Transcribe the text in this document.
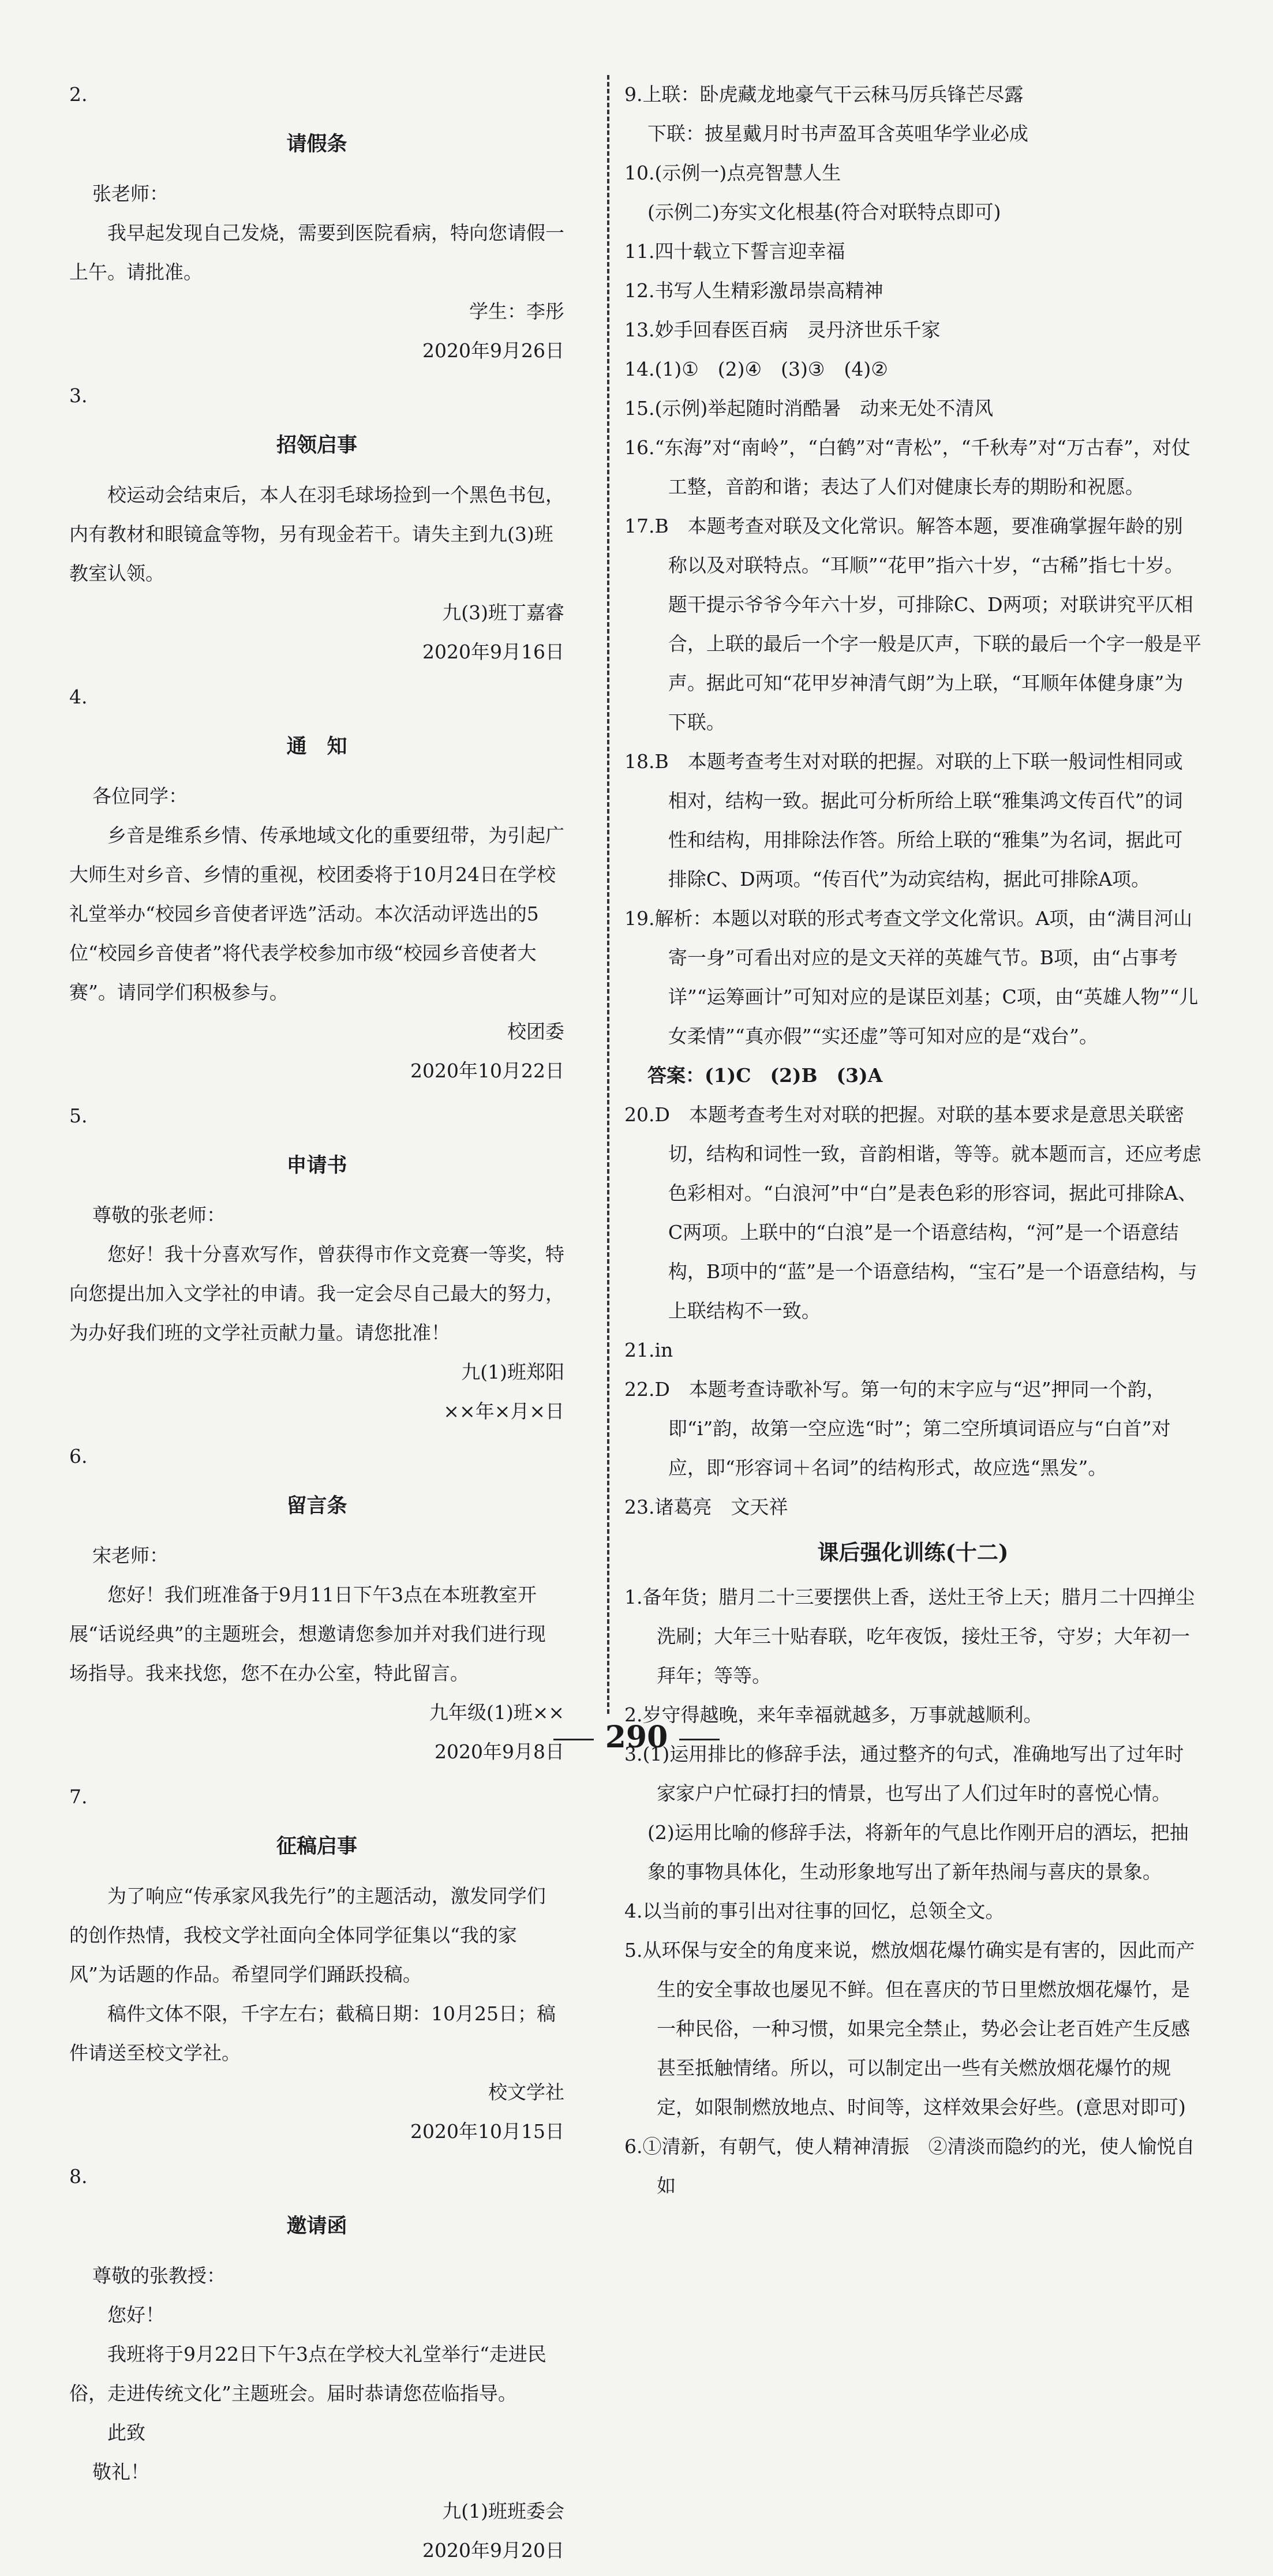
2.
请假条
张老师：
我早起发现自己发烧，需要到医院看病，特向您请假一上午。请批准。
学生：李彤
2020年9月26日
3.
招领启事
校运动会结束后，本人在羽毛球场捡到一个黑色书包，内有教材和眼镜盒等物，另有现金若干。请失主到九(3)班教室认领。
九(3)班丁嘉睿
2020年9月16日
4.
通　知
各位同学：
乡音是维系乡情、传承地域文化的重要纽带，为引起广大师生对乡音、乡情的重视，校团委将于10月24日在学校礼堂举办“校园乡音使者评选”活动。本次活动评选出的5位“校园乡音使者”将代表学校参加市级“校园乡音使者大赛”。请同学们积极参与。
校团委
2020年10月22日
5.
申请书
尊敬的张老师：
您好！我十分喜欢写作，曾获得市作文竞赛一等奖，特向您提出加入文学社的申请。我一定会尽自己最大的努力，为办好我们班的文学社贡献力量。请您批准！
九(1)班郑阳
××年×月×日
6.
留言条
宋老师：
您好！我们班准备于9月11日下午3点在本班教室开展“话说经典”的主题班会，想邀请您参加并对我们进行现场指导。我来找您，您不在办公室，特此留言。
九年级(1)班××
2020年9月8日
7.
征稿启事
为了响应“传承家风我先行”的主题活动，激发同学们的创作热情，我校文学社面向全体同学征集以“我的家风”为话题的作品。希望同学们踊跃投稿。
稿件文体不限，千字左右；截稿日期：10月25日；稿件请送至校文学社。
校文学社
2020年10月15日
8.
邀请函
尊敬的张教授：
您好！
我班将于9月22日下午3点在学校大礼堂举行“走进民俗，走进传统文化”主题班会。届时恭请您莅临指导。
此致
敬礼！
九(1)班班委会
2020年9月20日
9.上联：卧虎藏龙地豪气干云秣马厉兵锋芒尽露
下联：披星戴月时书声盈耳含英咀华学业必成
10.(示例一)点亮智慧人生
(示例二)夯实文化根基(符合对联特点即可)
11.四十载立下誓言迎幸福
12.书写人生精彩激昂崇高精神
13.妙手回春医百病　灵丹济世乐千家
14.(1)①　(2)④　(3)③　(4)②
15.(示例)举起随时消酷暑　动来无处不清风
16.“东海”对“南岭”，“白鹤”对“青松”，“千秋寿”对“万古春”，对仗工整，音韵和谐；表达了人们对健康长寿的期盼和祝愿。
17.B　本题考查对联及文化常识。解答本题，要准确掌握年龄的别称以及对联特点。“耳顺”“花甲”指六十岁，“古稀”指七十岁。题干提示爷爷今年六十岁，可排除C、D两项；对联讲究平仄相合，上联的最后一个字一般是仄声，下联的最后一个字一般是平声。据此可知“花甲岁神清气朗”为上联，“耳顺年体健身康”为下联。
18.B　本题考查考生对对联的把握。对联的上下联一般词性相同或相对，结构一致。据此可分析所给上联“雅集鸿文传百代”的词性和结构，用排除法作答。所给上联的“雅集”为名词，据此可排除C、D两项。“传百代”为动宾结构，据此可排除A项。
19.解析：本题以对联的形式考查文学文化常识。A项，由“满目河山寄一身”可看出对应的是文天祥的英雄气节。B项，由“占事考详”“运筹画计”可知对应的是谋臣刘基；C项，由“英雄人物”“儿女柔情”“真亦假”“实还虚”等可知对应的是“戏台”。
答案：(1)C　(2)B　(3)A
20.D　本题考查考生对对联的把握。对联的基本要求是意思关联密切，结构和词性一致，音韵相谐，等等。就本题而言，还应考虑色彩相对。“白浪河”中“白”是表色彩的形容词，据此可排除A、C两项。上联中的“白浪”是一个语意结构，“河”是一个语意结构，B项中的“蓝”是一个语意结构，“宝石”是一个语意结构，与上联结构不一致。
21.in
22.D　本题考查诗歌补写。第一句的末字应与“迟”押同一个韵，即“i”韵，故第一空应选“时”；第二空所填词语应与“白首”对应，即“形容词＋名词”的结构形式，故应选“黑发”。
23.诸葛亮　文天祥
课后强化训练(十二)
1.备年货；腊月二十三要摆供上香，送灶王爷上天；腊月二十四掸尘洗刷；大年三十贴春联，吃年夜饭，接灶王爷，守岁；大年初一拜年；等等。
2.岁守得越晚，来年幸福就越多，万事就越顺利。
3.(1)运用排比的修辞手法，通过整齐的句式，准确地写出了过年时家家户户忙碌打扫的情景，也写出了人们过年时的喜悦心情。
(2)运用比喻的修辞手法，将新年的气息比作刚开启的酒坛，把抽象的事物具体化，生动形象地写出了新年热闹与喜庆的景象。
4.以当前的事引出对往事的回忆，总领全文。
5.从环保与安全的角度来说，燃放烟花爆竹确实是有害的，因此而产生的安全事故也屡见不鲜。但在喜庆的节日里燃放烟花爆竹，是一种民俗，一种习惯，如果完全禁止，势必会让老百姓产生反感甚至抵触情绪。所以，可以制定出一些有关燃放烟花爆竹的规定，如限制燃放地点、时间等，这样效果会好些。(意思对即可)
6.①清新，有朝气，使人精神清振　②清淡而隐约的光，使人愉悦自如
290
